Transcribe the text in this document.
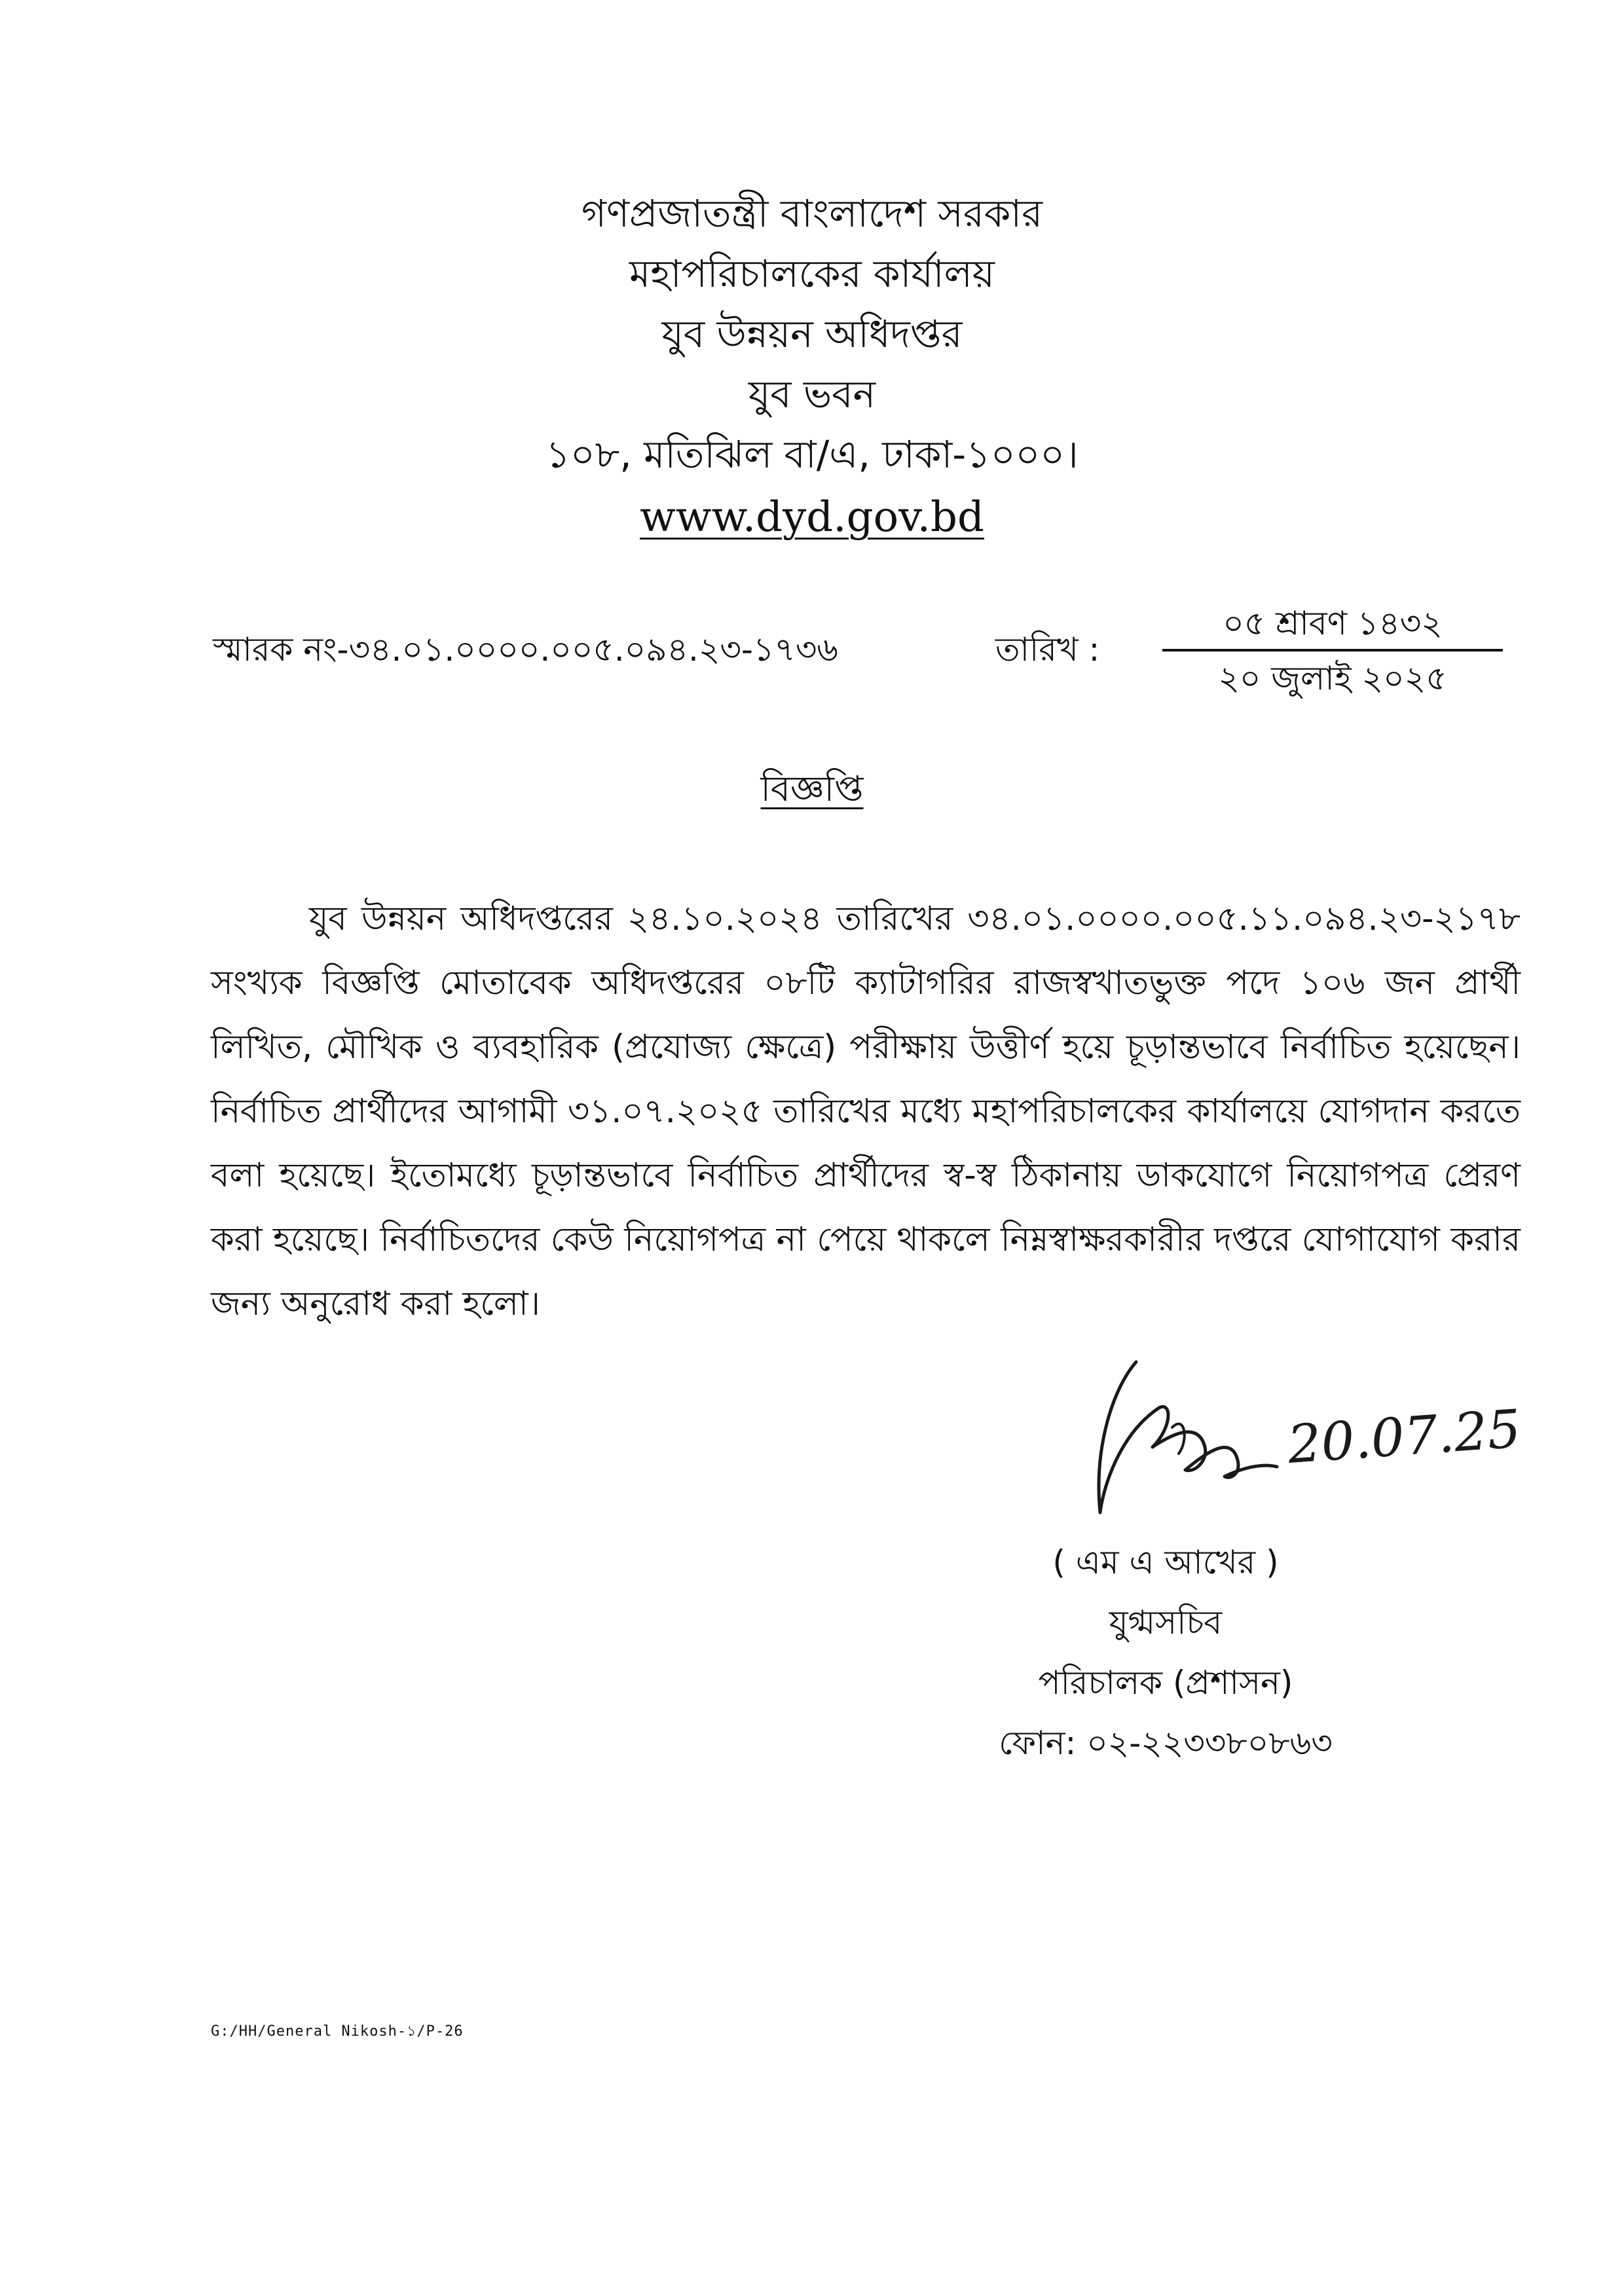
গণপ্রজাতন্ত্রী বাংলাদেশ সরকার
মহাপরিচালকের কার্যালয়
যুব উন্নয়ন অধিদপ্তর
যুব ভবন
১০৮, মতিঝিল বা/এ, ঢাকা-১০০০।
www.dyd.gov.bd
স্মারক নং-৩৪.০১.০০০০.০০৫.০৯৪.২৩-১৭৩৬	তারিখ :
০৫ শ্রাবণ ১৪৩২
২০ জুলাই ২০২৫
বিজ্ঞপ্তি
যুব উন্নয়ন অধিদপ্তরের ২৪.১০.২০২৪ তারিখের ৩৪.০১.০০০০.০০৫.১১.০৯৪.২৩-২১৭৮ সংখ্যক বিজ্ঞপ্তি মোতাবেক অধিদপ্তরের ০৮টি ক্যাটাগরির রাজস্বখাতভুক্ত পদে ১০৬ জন প্রার্থী লিখিত, মৌখিক ও ব্যবহারিক (প্রযোজ্য ক্ষেত্রে) পরীক্ষায় উত্তীর্ণ হয়ে চূড়ান্তভাবে নির্বাচিত হয়েছেন। নির্বাচিত প্রার্থীদের আগামী ৩১.০৭.২০২৫ তারিখের মধ্যে মহাপরিচালকের কার্যালয়ে যোগদান করতে বলা হয়েছে। ইতোমধ্যে চূড়ান্তভাবে নির্বাচিত প্রার্থীদের স্ব-স্ব ঠিকানায় ডাকযোগে নিয়োগপত্র প্রেরণ করা হয়েছে। নির্বাচিতদের কেউ নিয়োগপত্র না পেয়ে থাকলে নিম্নস্বাক্ষরকারীর দপ্তরে যোগাযোগ করার জন্য অনুরোধ করা হলো।
20.07.25
( এম এ আখের )
যুগ্মসচিব
পরিচালক (প্রশাসন)
ফোন: ০২-২২৩৩৮০৮৬৩
G:/HH/General Nikosh-১/P-26
